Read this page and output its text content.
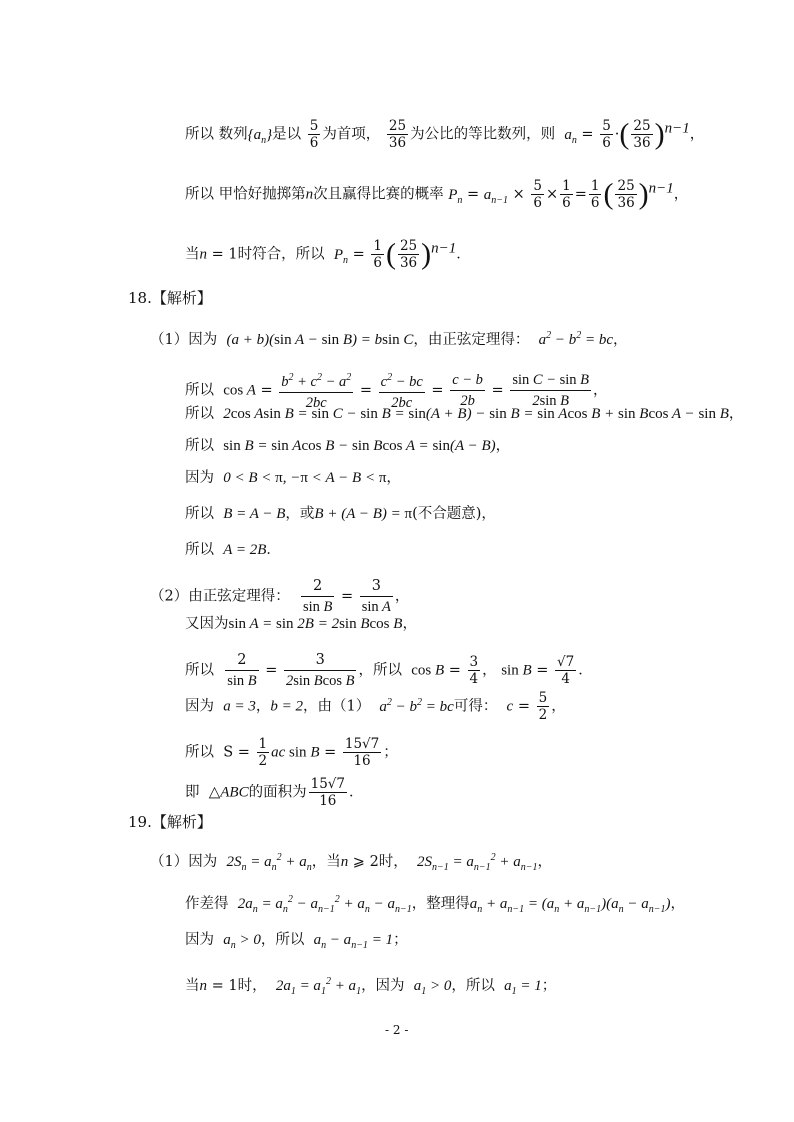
所以 数列$\{a_n\}$是以 $\frac{5}{6}$ 为首项， $\frac{25}{36}$ 为公比的等比数列，则 $a_n = \frac{5}{6}$ ·( $\frac{25}{36} )^{n-1}$，
所以 甲恰好抛掷第n次且赢得比赛的概率 $P_n = a_{n-1} \times \frac{5}{6} \times \frac{1}{6} = \frac{1}{6}$ ( $\frac{25}{36} )^{n-1}$，
当n = 1时符合，所以 $P_n = \frac{1}{6}$ ( $\frac{25}{36} )^{n-1}$．
18.【解析】
（1）因为 (a + b)(sin A − sin B) = bsin C，由正弦定理得： $a^2 - b^2$ = bc，
所以 $\cos A = \frac{b^2 + c^2 - a^2}{2bc} = \frac{c^2 - bc}{2bc} = \frac{c - b}{2b} = \frac{\text{sin C − sin B}}{\text{2sin B}}$ ，
所以 2cos Asin B = sin C − sin B = sin(A + B) − sin B = sin Acos B + sin Bcos A − sin B，
所以 sin B = sin Acos B − sin Bcos A = sin(A − B)，
因为 0 < B < π, −π < A − B < π，
所以 B = A − B，或B + (A − B) = π(不合题意)，
所以 A = 2B．
（2）由正弦定理得： $\frac{2}{\text{sin B}} = \frac{3}{\text{sin A}}$ ，
又因为sin A = sin 2B = 2sin Bcos B，
所以 $\frac{2}{\text{sin B}} = \frac{3}{\text{2sin Bcos B}}$ ，所以 $\cos B = \frac{3}{4}$ ， $\sin B = \frac{√7}{4}$ ．
因为 a = 3，b = 2，由（1） $a^2 - b^2$ = bc可得： $c = \frac{5}{2}$ ，
所以  $S = \frac{1}{2}$ ac $\sin B = \frac{15√7}{16}$ ；
即 △ABC的面积为 $\frac{15√7}{16}$ ．
19.【解析】
（1）因为 $2S_n = a_n^2 + a_n$，当n ⩾ 2时， $2S_{n-1} = a_{n-1}^2 + a_{n-1}$，
作差得 $2a_n = a_n^2 - a_{n-1}^2 + a_n - a_{n-1}$，整理得$a_n + a_{n-1} = (a_n + a_{n-1})(a_n - a_{n-1})$，
因为 $a_n > 0$，所以 $a_n - a_{n-1} = 1$；
当n = 1时， $2a_1 = a_1^2 + a_1$，因为 $a_1 > 0$，所以 $a_1 = 1$；
- 2 -
